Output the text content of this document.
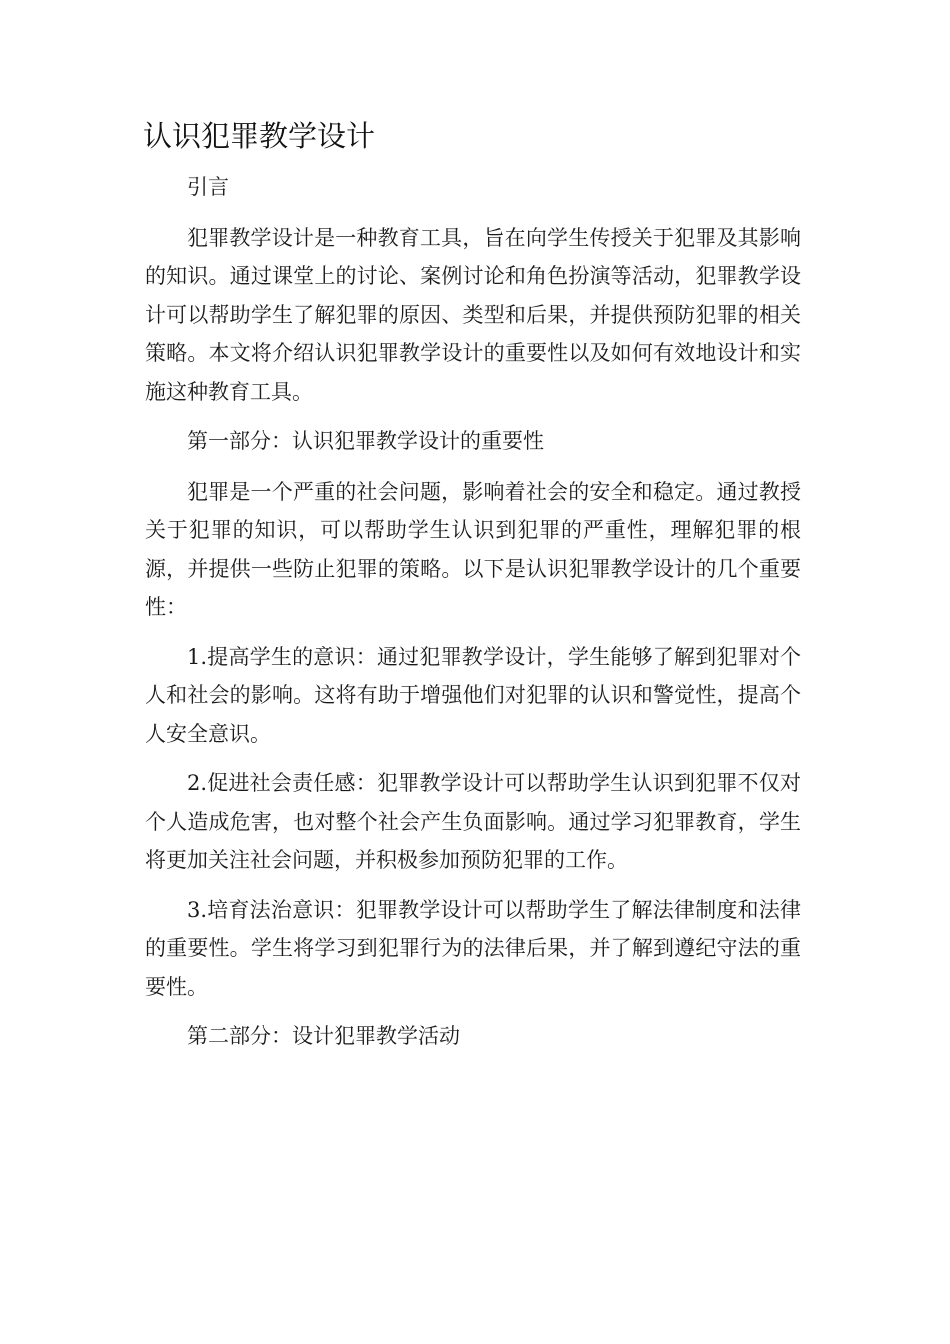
认识犯罪教学设计

引言

犯罪教学设计是一种教育工具，旨在向学生传授关于犯罪及其影响的知识。通过课堂上的讨论、案例讨论和角色扮演等活动，犯罪教学设计可以帮助学生了解犯罪的原因、类型和后果，并提供预防犯罪的相关策略。本文将介绍认识犯罪教学设计的重要性以及如何有效地设计和实施这种教育工具。

第一部分：认识犯罪教学设计的重要性

犯罪是一个严重的社会问题，影响着社会的安全和稳定。通过教授关于犯罪的知识，可以帮助学生认识到犯罪的严重性，理解犯罪的根源，并提供一些防止犯罪的策略。以下是认识犯罪教学设计的几个重要性：

1.提高学生的意识：通过犯罪教学设计，学生能够了解到犯罪对个人和社会的影响。这将有助于增强他们对犯罪的认识和警觉性，提高个人安全意识。

2.促进社会责任感：犯罪教学设计可以帮助学生认识到犯罪不仅对个人造成危害，也对整个社会产生负面影响。通过学习犯罪教育，学生将更加关注社会问题，并积极参加预防犯罪的工作。

3.培育法治意识：犯罪教学设计可以帮助学生了解法律制度和法律的重要性。学生将学习到犯罪行为的法律后果，并了解到遵纪守法的重要性。

第二部分：设计犯罪教学活动
